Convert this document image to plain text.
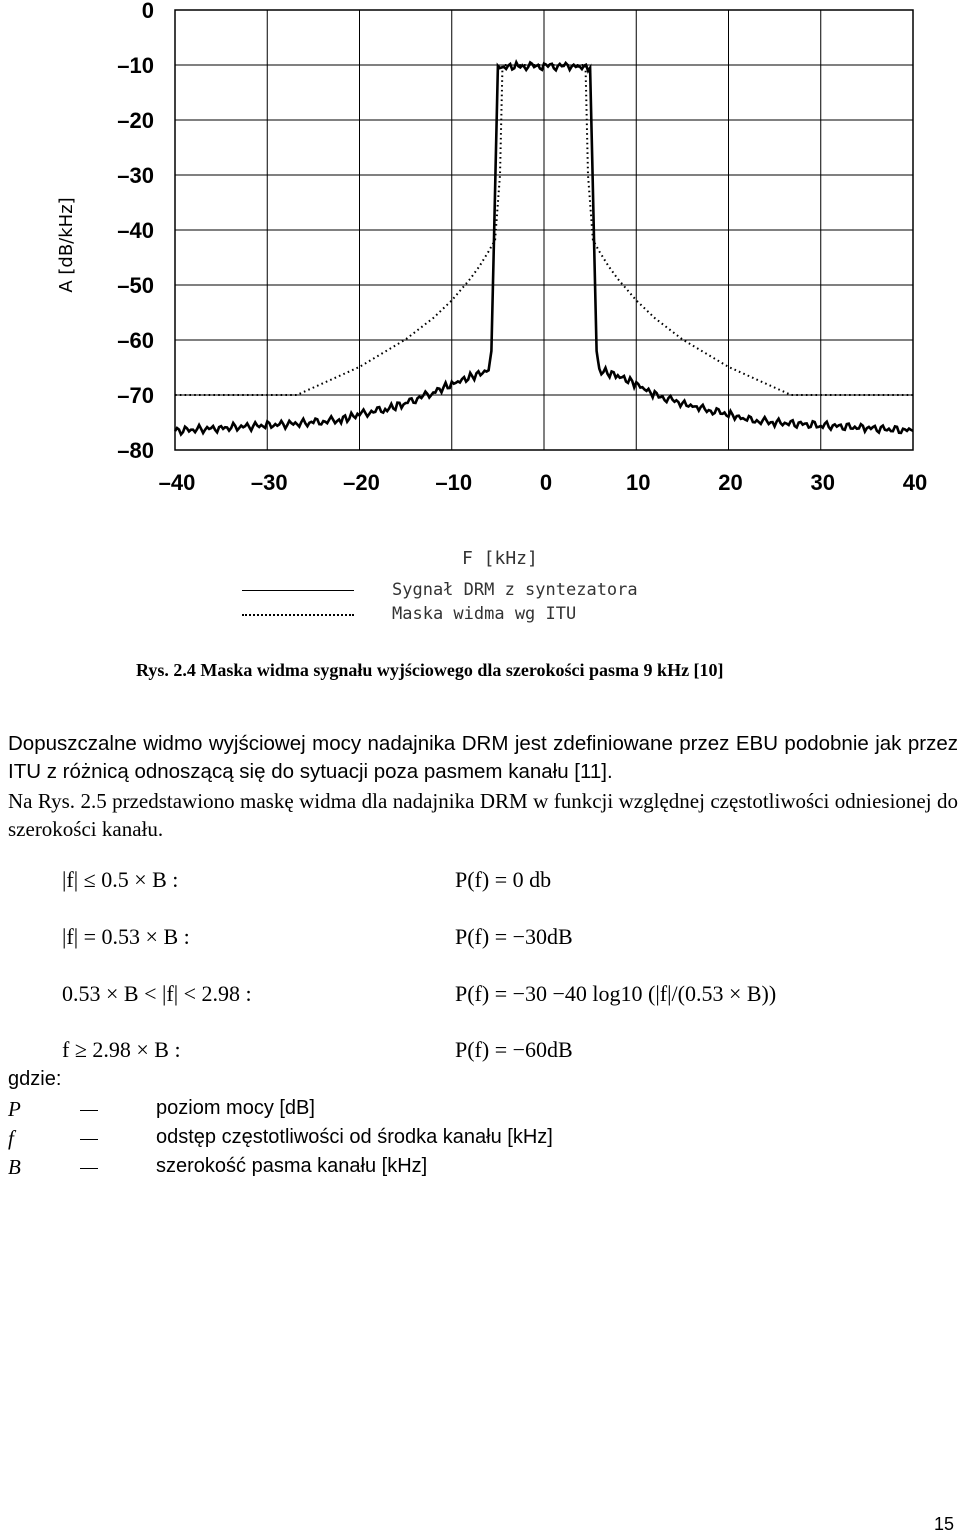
0
–10
–20
–30
–40
–50
–60
–70
–80
–40	–30	–20	–10	0	10	20	30	40
A [dB/kHz]
F [kHz]
Sygnał DRM z syntezatora
Maska widma wg ITU
Rys. 2.4 Maska widma sygnału wyjściowego dla szerokości pasma 9 kHz [10]

Dopuszczalne widmo wyjściowej mocy nadajnika DRM jest zdefiniowane przez EBU podobnie jak przez ITU z różnicą odnoszącą się do sytuacji poza pasmem kanału [11].

Na Rys. 2.5 przedstawiono maskę widma dla nadajnika DRM w funkcji względnej częstotliwości odniesionej do szerokości kanału.
|f| ≤ 0.5 × B :	P(f) = 0 db
|f| = 0.53 × B :	P(f) = −30dB
0.53 × B < |f| < 2.98 :	P(f) = −30 −40 log10 (|f|/(0.53 × B))
f ≥ 2.98 × B :	P(f) = −60dB
gdzie:
P	poziom mocy [dB]
f	odstęp częstotliwości od środka kanału [kHz]
B	szerokość pasma kanału [kHz]
15
